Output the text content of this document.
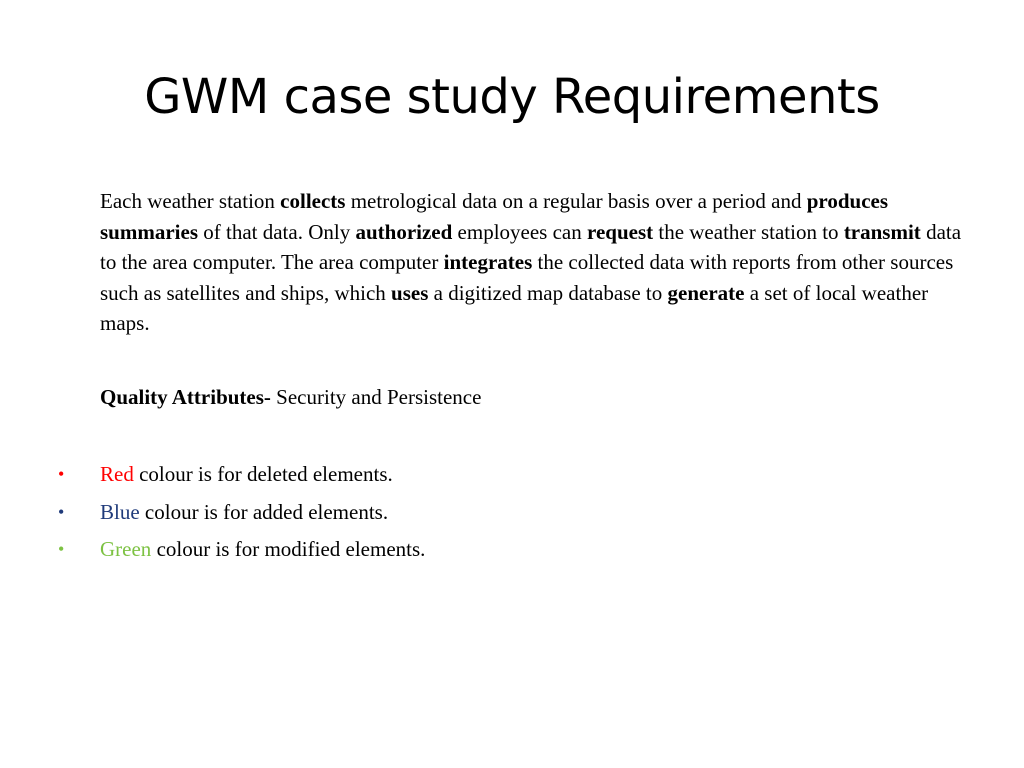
GWM case study Requirements

Each weather station collects metrological data on a regular basis over a period and produces summaries of that data. Only authorized employees can request the weather station to transmit data to the area computer. The area computer integrates the collected data with reports from other sources such as satellites and ships, which uses a digitized map database to generate a set of local weather maps.

Quality Attributes- Security and Persistence

• Red colour is for deleted elements.
• Blue colour is for added elements.
• Green colour is for modified elements.
